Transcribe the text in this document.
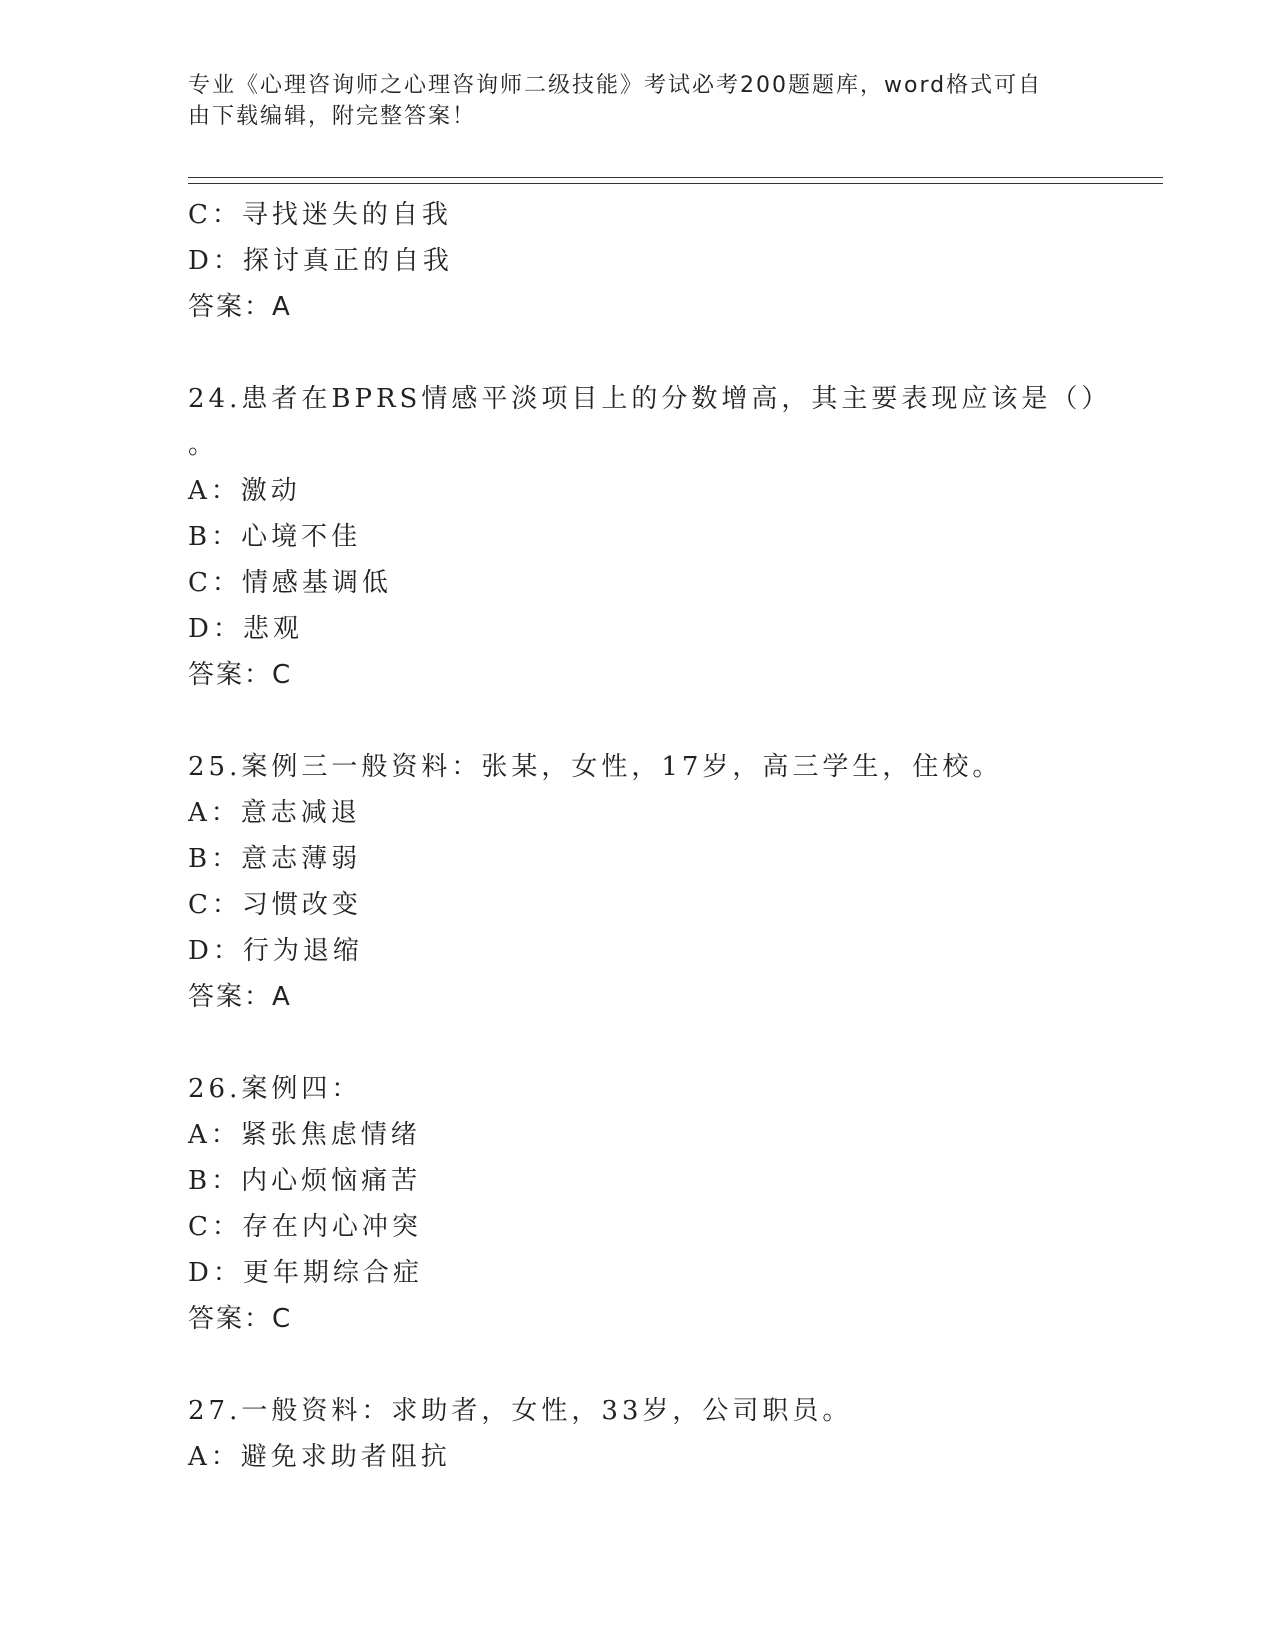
专业《心理咨询师之心理咨询师二级技能》考试必考200题题库，word格式可自
由下载编辑，附完整答案！
C：寻找迷失的自我
D：探讨真正的自我
答案：A
24.患者在BPRS情感平淡项目上的分数增高，其主要表现应该是（）
。
A：激动
B：心境不佳
C：情感基调低
D：悲观
答案：C
25.案例三一般资料：张某，女性，17岁，高三学生，住校。
A：意志减退
B：意志薄弱
C：习惯改变
D：行为退缩
答案：A
26.案例四：
A：紧张焦虑情绪
B：内心烦恼痛苦
C：存在内心冲突
D：更年期综合症
答案：C
27.一般资料：求助者，女性，33岁，公司职员。
A：避免求助者阻抗
